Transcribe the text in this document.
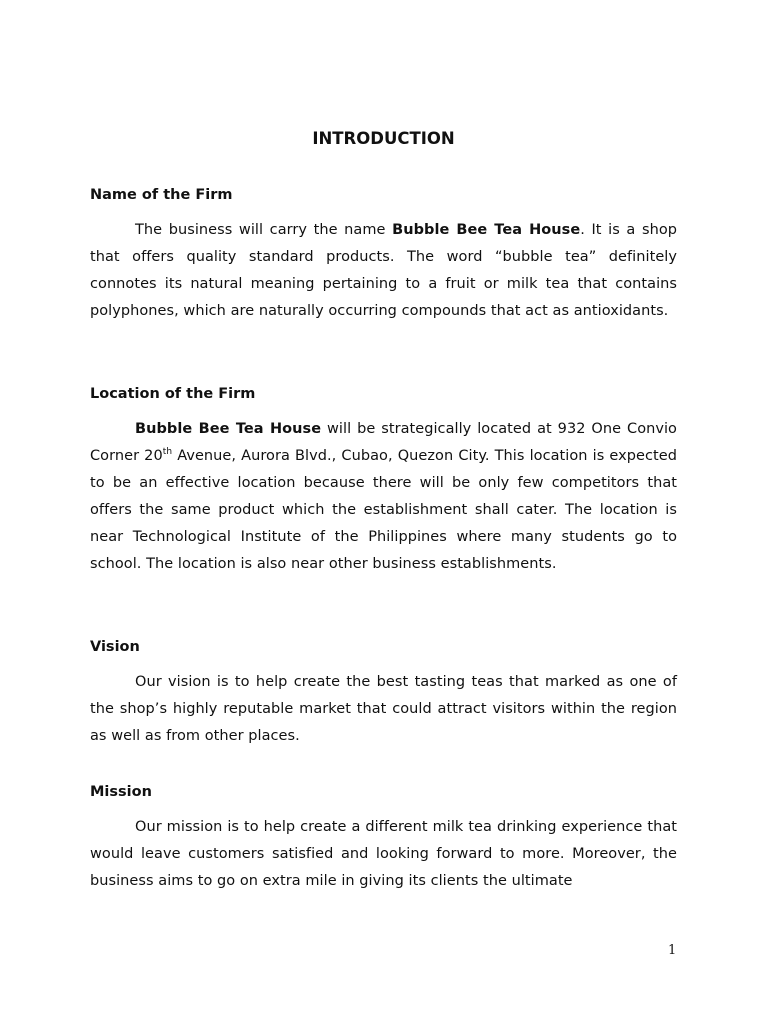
INTRODUCTION
Name of the Firm

The business will carry the name Bubble Bee Tea House. It is a shop that offers quality standard products. The word “bubble tea” definitely connotes its natural meaning pertaining to a fruit or milk tea that contains polyphones, which are naturally occurring compounds that act as antioxidants.

Location of the Firm

Bubble Bee Tea House will be strategically located at 932 One Convio Corner 20th Avenue, Aurora Blvd., Cubao, Quezon City. This location is expected to be an effective location because there will be only few competitors that offers the same product which the establishment shall cater. The location is near Technological Institute of the Philippines where many students go to school. The location is also near other business establishments.

Vision

Our vision is to help create the best tasting teas that marked as one of the shop’s highly reputable market that could attract visitors within the region as well as from other places.

Mission

Our mission is to help create a different milk tea drinking experience that would leave customers satisfied and looking forward to more. Moreover, the business aims to go on extra mile in giving its clients the ultimate

1
